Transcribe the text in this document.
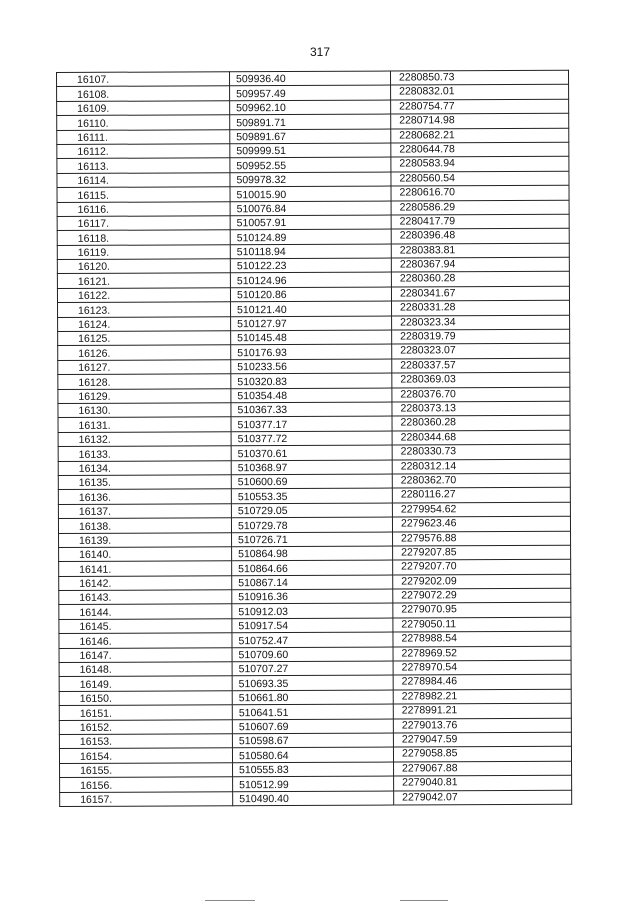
317
16107.	509936.40	2280850.73
16108.	509957.49	2280832.01
16109.	509962.10	2280754.77
16110.	509891.71	2280714.98
16111.	509891.67	2280682.21
16112.	509999.51	2280644.78
16113.	509952.55	2280583.94
16114.	509978.32	2280560.54
16115.	510015.90	2280616.70
16116.	510076.84	2280586.29
16117.	510057.91	2280417.79
16118.	510124.89	2280396.48
16119.	510118.94	2280383.81
16120.	510122.23	2280367.94
16121.	510124.96	2280360.28
16122.	510120.86	2280341.67
16123.	510121.40	2280331.28
16124.	510127.97	2280323.34
16125.	510145.48	2280319.79
16126.	510176.93	2280323.07
16127.	510233.56	2280337.57
16128.	510320.83	2280369.03
16129.	510354.48	2280376.70
16130.	510367.33	2280373.13
16131.	510377.17	2280360.28
16132.	510377.72	2280344.68
16133.	510370.61	2280330.73
16134.	510368.97	2280312.14
16135.	510600.69	2280362.70
16136.	510553.35	2280116.27
16137.	510729.05	2279954.62
16138.	510729.78	2279623.46
16139.	510726.71	2279576.88
16140.	510864.98	2279207.85
16141.	510864.66	2279207.70
16142.	510867.14	2279202.09
16143.	510916.36	2279072.29
16144.	510912.03	2279070.95
16145.	510917.54	2279050.11
16146.	510752.47	2278988.54
16147.	510709.60	2278969.52
16148.	510707.27	2278970.54
16149.	510693.35	2278984.46
16150.	510661.80	2278982.21
16151.	510641.51	2278991.21
16152.	510607.69	2279013.76
16153.	510598.67	2279047.59
16154.	510580.64	2279058.85
16155.	510555.83	2279067.88
16156.	510512.99	2279040.81
16157.	510490.40	2279042.07
